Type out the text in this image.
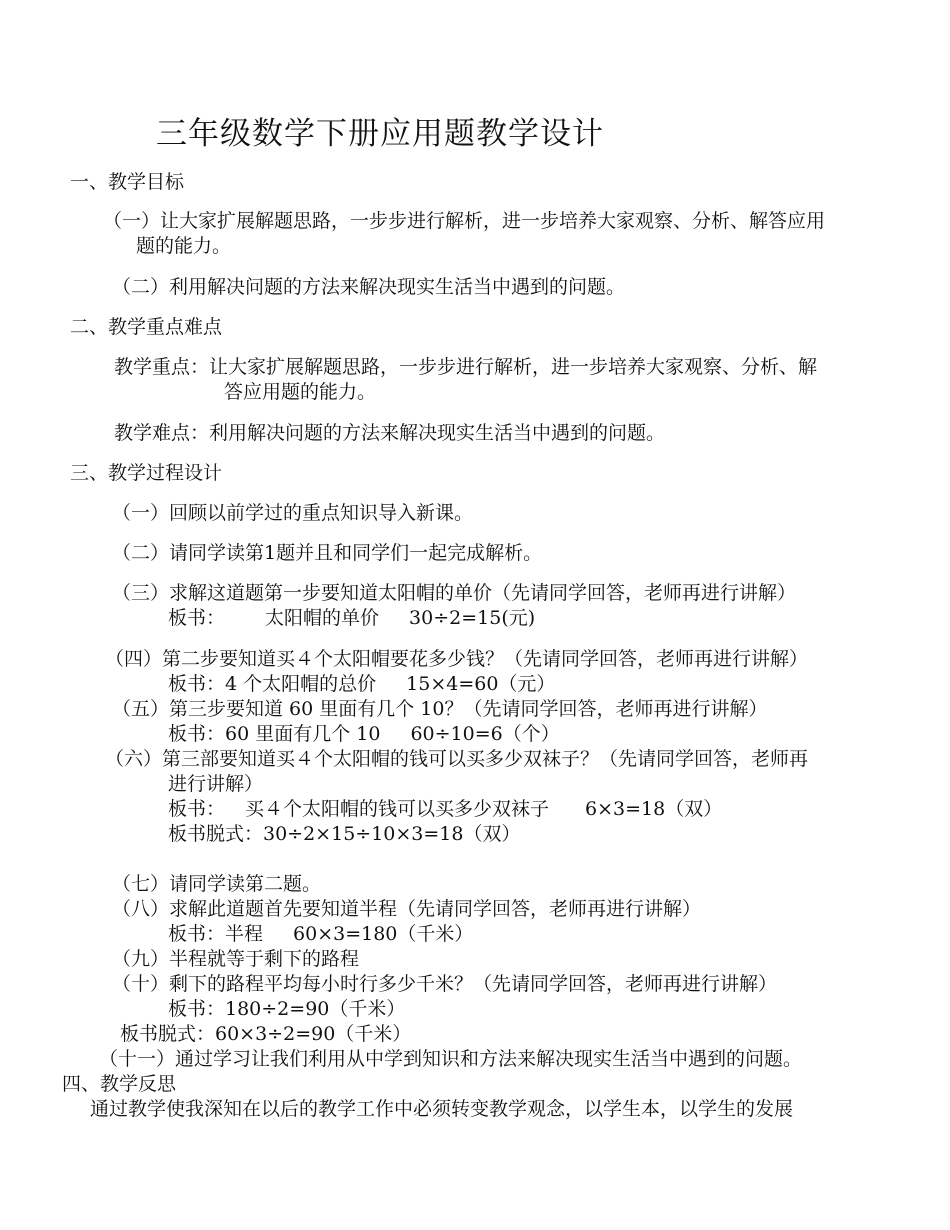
三年级数学下册应用题教学设计
一、教学目标
（一）让大家扩展解题思路，一步步进行解析，进一步培养大家观察、分析、解答应用
题的能力。
（二）利用解决问题的方法来解决现实生活当中遇到的问题。
二、教学重点难点
教学重点：让大家扩展解题思路，一步步进行解析，进一步培养大家观察、分析、解
答应用题的能力。
教学难点：利用解决问题的方法来解决现实生活当中遇到的问题。
三、教学过程设计
（一）回顾以前学过的重点知识导入新课。
（二）请同学读第1题并且和同学们一起完成解析。
（三）求解这道题第一步要知道太阳帽的单价（先请同学回答，老师再进行讲解）
板书： 太阳帽的单价 30÷2=15(元)
（四）第二步要知道买４个太阳帽要花多少钱？（先请同学回答，老师再进行讲解）
板书：4 个太阳帽的总价 15×4=60（元）
（五）第三步要知道 60 里面有几个 10？（先请同学回答，老师再进行讲解）
板书：60 里面有几个 10 60÷10=6（个）
（六）第三部要知道买４个太阳帽的钱可以买多少双袜子？（先请同学回答，老师再
进行讲解）
板书： 买４个太阳帽的钱可以买多少双袜子 6×3=18（双）
板书脱式：30÷2×15÷10×3=18（双）
（七）请同学读第二题。
（八）求解此道题首先要知道半程（先请同学回答，老师再进行讲解）
板书：半程 60×3=180（千米）
（九）半程就等于剩下的路程
（十）剩下的路程平均每小时行多少千米？（先请同学回答，老师再进行讲解）
板书：180÷2=90（千米）
板书脱式：60×3÷2=90（千米）
（十一）通过学习让我们利用从中学到知识和方法来解决现实生活当中遇到的问题。
四、教学反思
通过教学使我深知在以后的教学工作中必须转变教学观念，以学生本，以学生的发展
